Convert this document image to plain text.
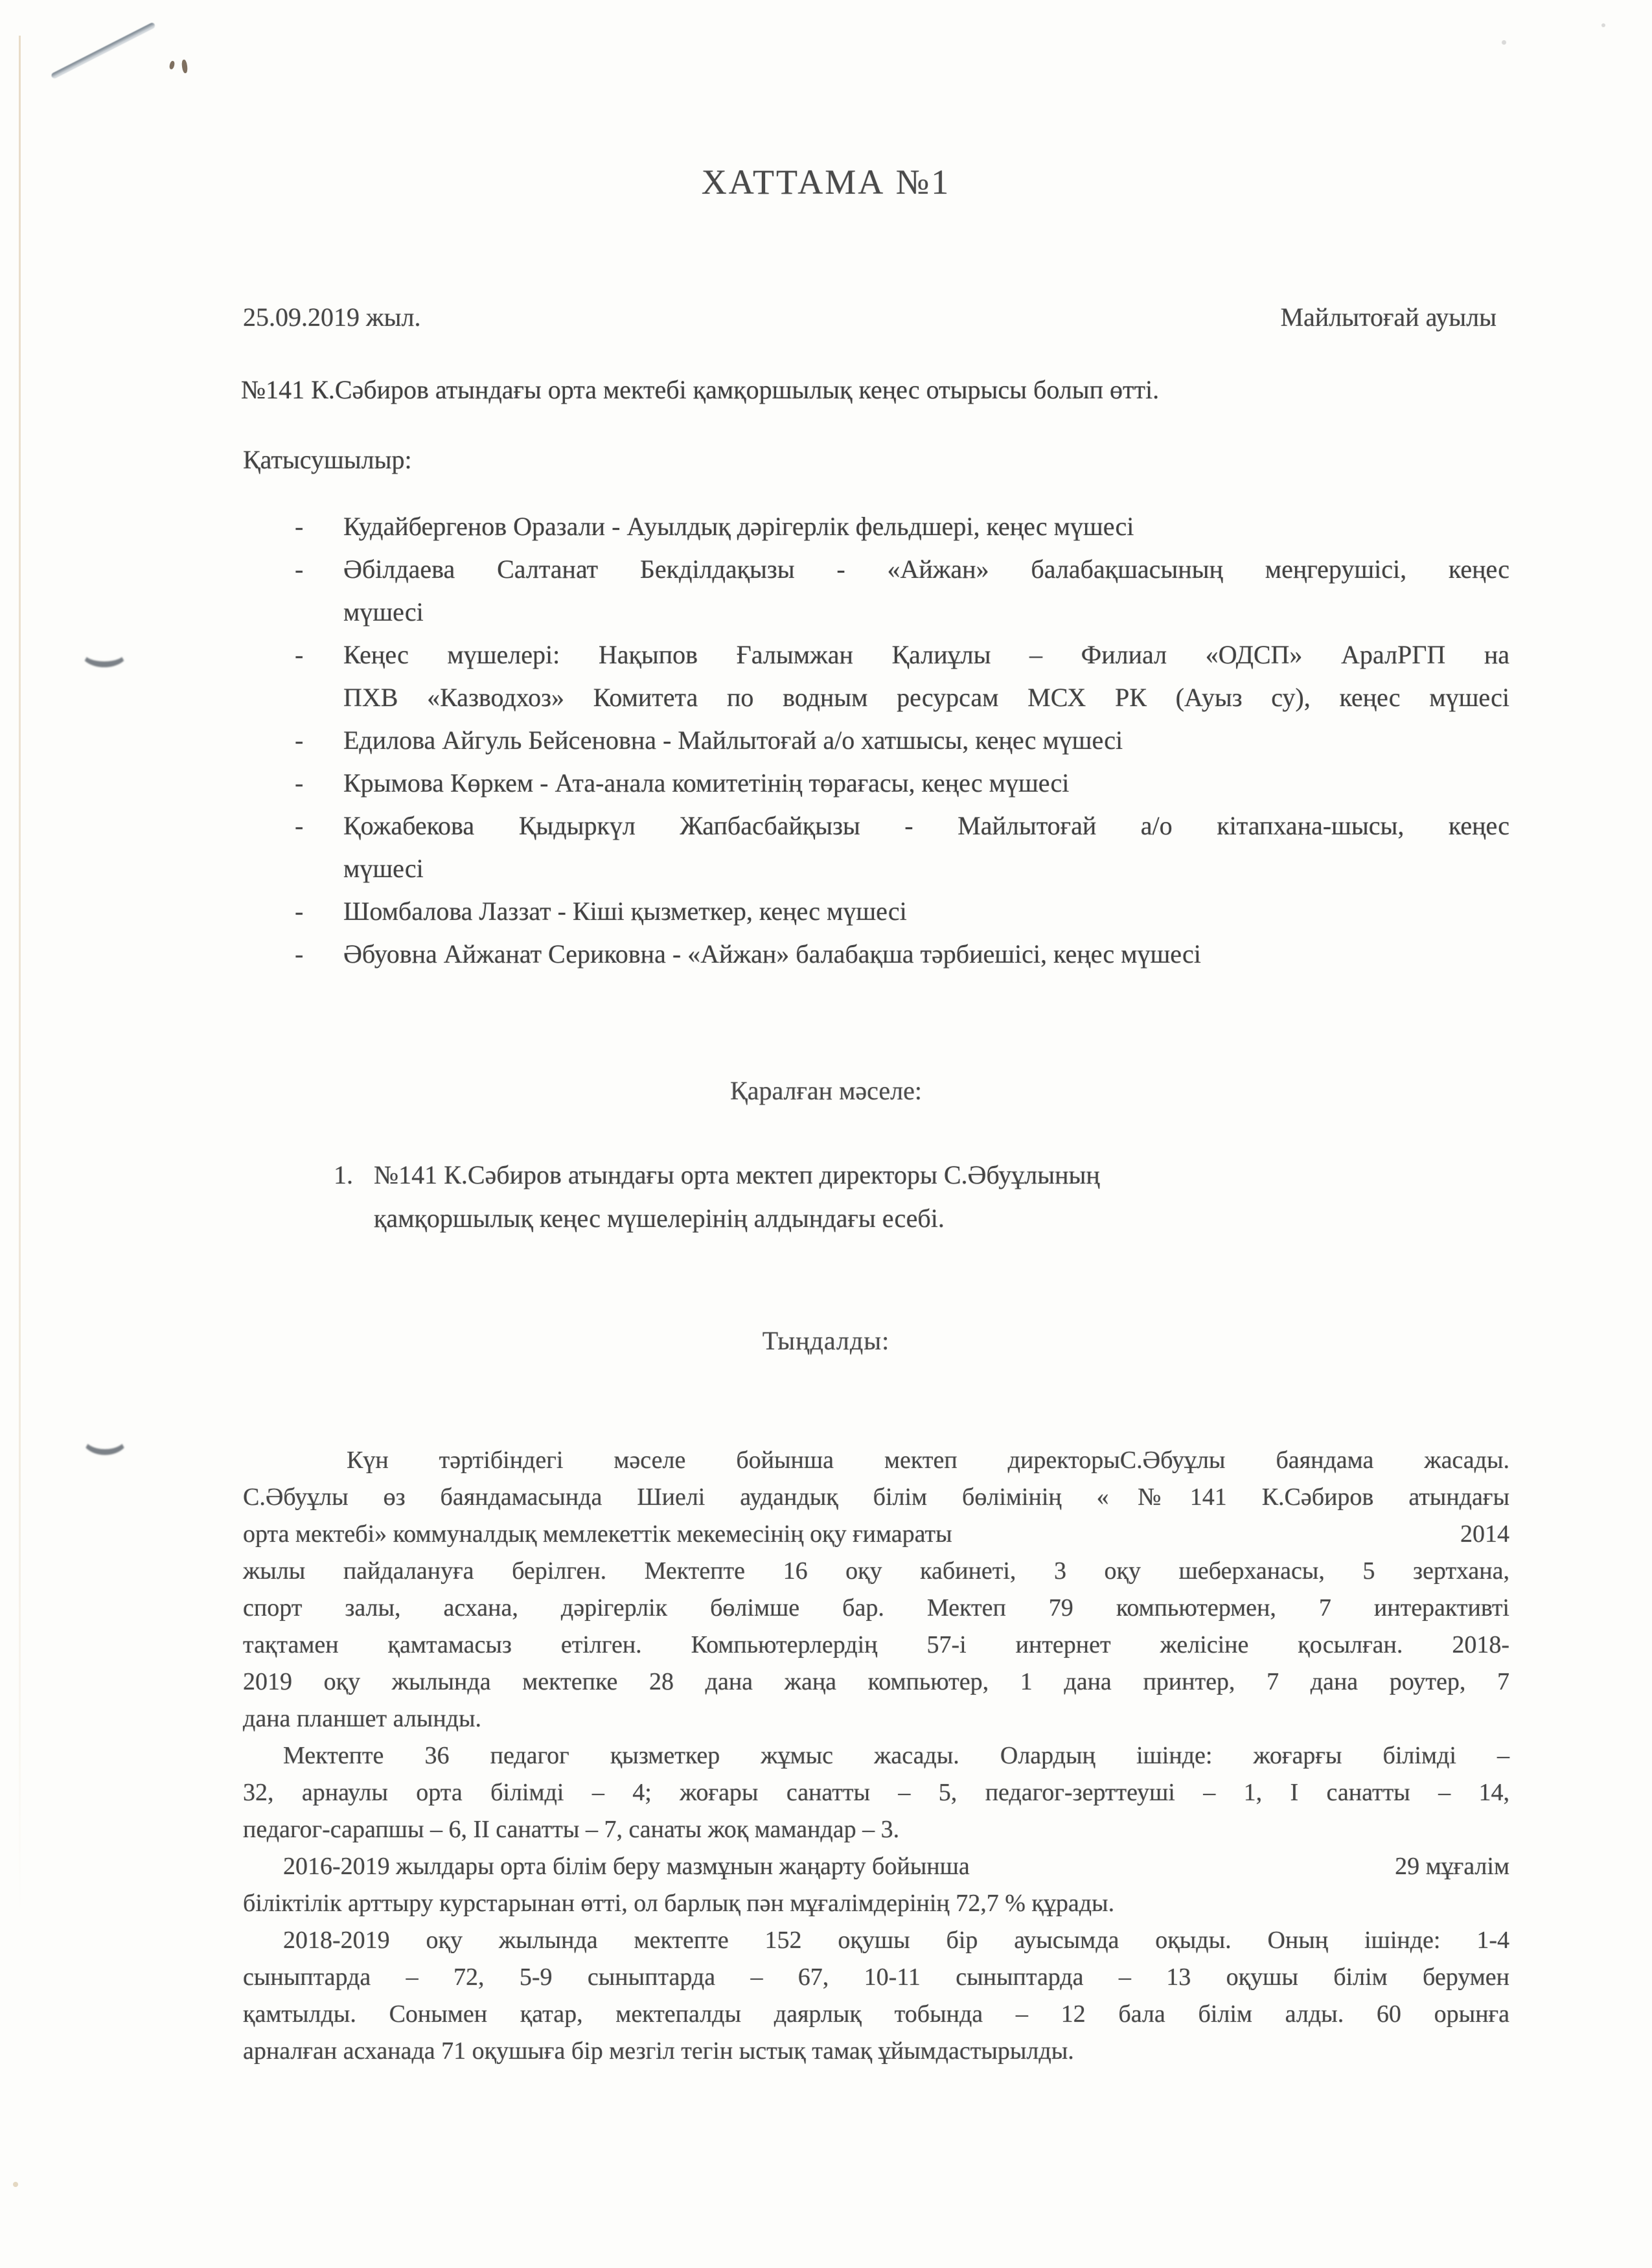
ХАТТАМА №1
25.09.2019 жыл.	Майлытоғай ауылы
№141 К.Сәбиров атындағы орта мектебі қамқоршылық кеңес отырысы болып өтті.
Қатысушылыр:
-	Кудайбергенов Оразали - Ауылдық дәрігерлік фельдшері, кеңес мүшесі
-	Әбілдаева Салтанат Бекділдақызы - «Айжан» балабақшасының меңгерушісі, кеңес
мүшесі
-	Кеңес мүшелері: Нақыпов Ғалымжан Қалиұлы – Филиал «ОДСП» АралРГП на
ПХВ «Казводхоз» Комитета по водным ресурсам МСХ РК (Ауыз су), кеңес мүшесі
-	Едилова Айгуль Бейсеновна - Майлытоғай а/о хатшысы, кеңес мүшесі
-	Крымова Көркем - Ата-анала комитетінің төрағасы, кеңес мүшесі
-	Қожабекова Қыдыркүл Жапбасбайқызы - Майлытоғай а/о кітапхана-шысы, кеңес
мүшесі
-	Шомбалова Лаззат - Кіші қызметкер, кеңес мүшесі
-	Әбуовна Айжанат Сериковна - «Айжан» балабақша тәрбиешісі, кеңес мүшесі
Қаралған мәселе:
1. №141 К.Сәбиров атындағы орта мектеп директоры С.Әбуұлының
қамқоршылық кеңес мүшелерінің алдындағы есебі.
Тыңдалды:
Күн тәртібіндегі мәселе бойынша мектеп директорыС.Әбуұлы баяндама жасады.
С.Әбуұлы өз баяндамасында Шиелі аудандық білім бөлімінің «№141 К.Сәбиров атындағы
орта мектебі» коммуналдық мемлекеттік мекемесінің оқу ғимараты	2014
жылы пайдалануға берілген. Мектепте 16 оқу кабинеті, 3 оқу шеберханасы, 5 зертхана,
спорт залы, асхана, дәрігерлік бөлімше бар. Мектеп 79 компьютермен, 7 интерактивті
тақтамен қамтамасыз етілген. Компьютерлердің 57-і интернет желісіне қосылған. 2018-
2019 оқу жылында мектепке 28 дана жаңа компьютер, 1 дана принтер, 7 дана роутер, 7
дана планшет алынды.
Мектепте 36 педагог қызметкер жұмыс жасады. Олардың ішінде: жоғарғы білімді –
32, арнаулы орта білімді – 4; жоғары санатты – 5, педагог-зерттеуші – 1, І санатты – 14,
педагог-сарапшы – 6, ІІ санатты – 7, санаты жоқ мамандар – 3.
2016-2019 жылдары орта білім беру мазмұнын жаңарту бойынша	29 мұғалім
біліктілік арттыру курстарынан өтті, ол барлық пән мұғалімдерінің 72,7 % құрады.
2018-2019 оқу жылында мектепте 152 оқушы бір ауысымда оқыды. Оның ішінде: 1-4
сыныптарда – 72, 5-9 сыныптарда – 67, 10-11 сыныптарда – 13 оқушы білім берумен
қамтылды. Сонымен қатар, мектепалды даярлық тобында – 12 бала білім алды. 60 орынға
арналған асханада 71 оқушыға бір мезгіл тегін ыстық тамақ ұйымдастырылды.
